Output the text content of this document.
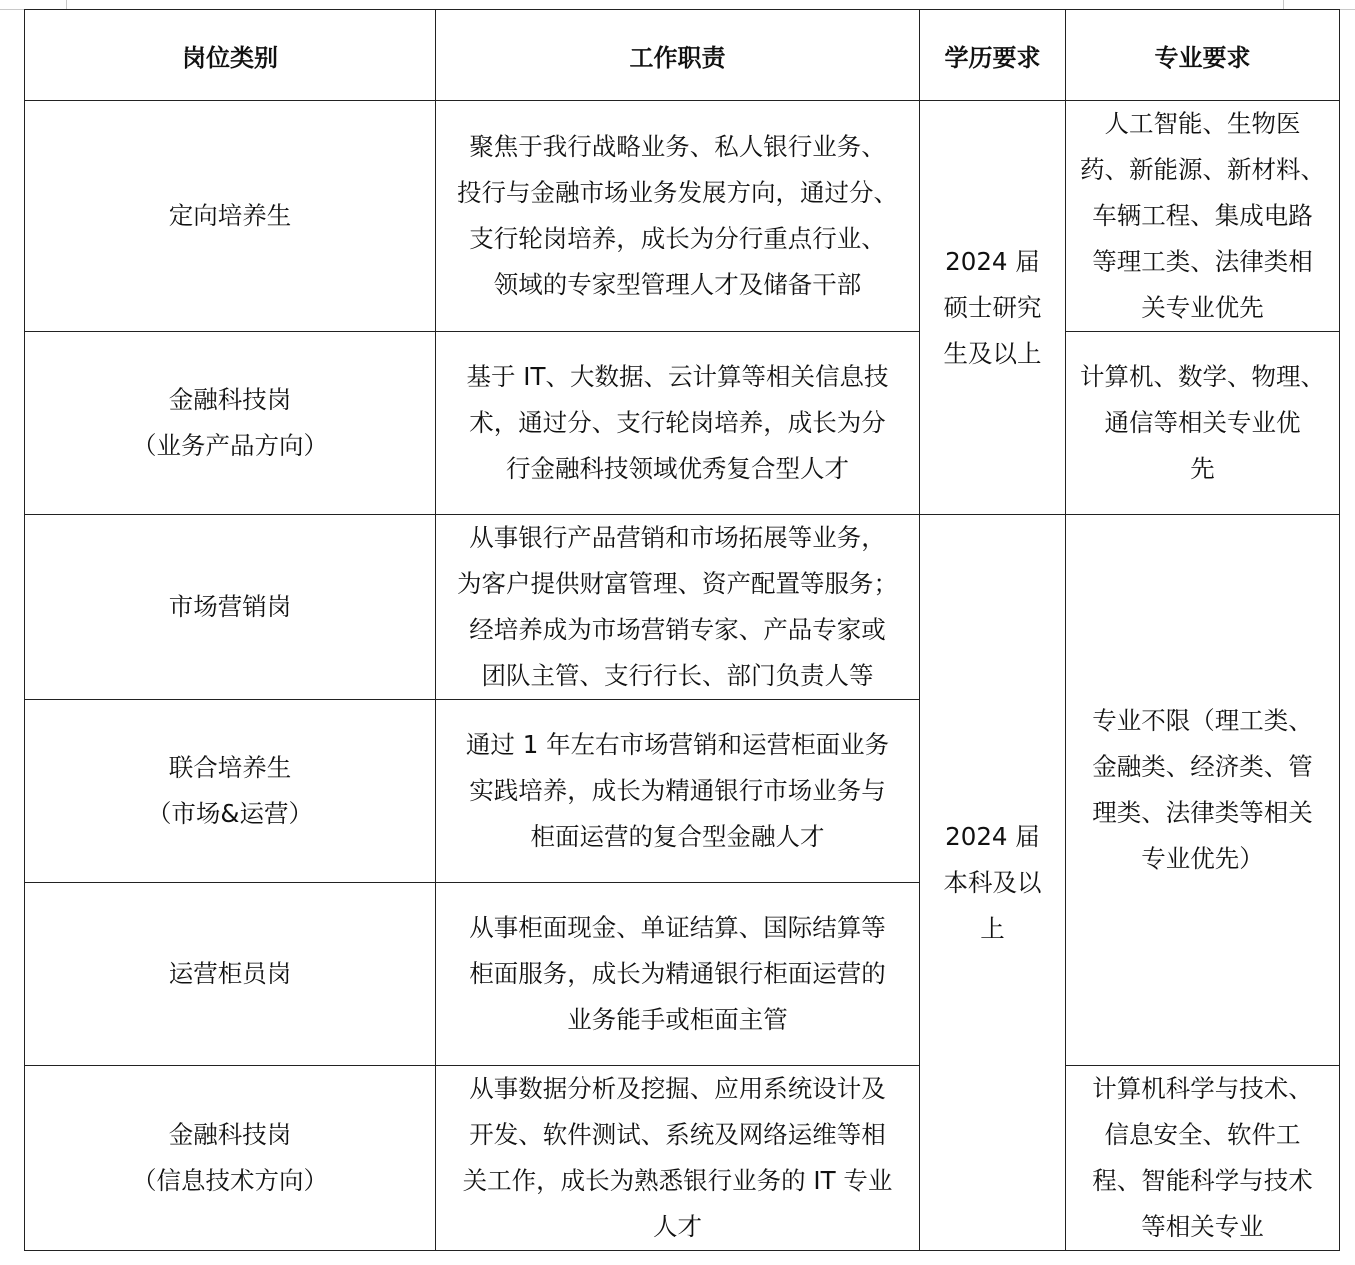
岗位类别	工作职责	学历要求	专业要求

定向培养生	聚焦于我行战略业务、私人银行业务、
投行与金融市场业务发展方向，通过分、
支行轮岗培养，成长为分行重点行业、
领域的专家型管理人才及储备干部	2024 届
硕士研究
生及以上	人工智能、生物医
药、新能源、新材料、
车辆工程、集成电路
等理工类、法律类相
关专业优先

金融科技岗
（业务产品方向）	基于 IT、大数据、云计算等相关信息技
术，通过分、支行轮岗培养，成长为分
行金融科技领域优秀复合型人才		计算机、数学、物理、
通信等相关专业优
先

市场营销岗	从事银行产品营销和市场拓展等业务，
为客户提供财富管理、资产配置等服务；
经培养成为市场营销专家、产品专家或
团队主管、支行行长、部门负责人等	2024 届
本科及以
上	专业不限（理工类、
金融类、经济类、管
理类、法律类等相关
专业优先）

联合培养生
（市场&运营）	通过 1 年左右市场营销和运营柜面业务
实践培养，成长为精通银行市场业务与
柜面运营的复合型金融人才		

运营柜员岗	从事柜面现金、单证结算、国际结算等
柜面服务，成长为精通银行柜面运营的
业务能手或柜面主管		

金融科技岗
（信息技术方向）	从事数据分析及挖掘、应用系统设计及
开发、软件测试、系统及网络运维等相
关工作，成长为熟悉银行业务的 IT 专业
人才		计算机科学与技术、
信息安全、软件工
程、智能科学与技术
等相关专业
